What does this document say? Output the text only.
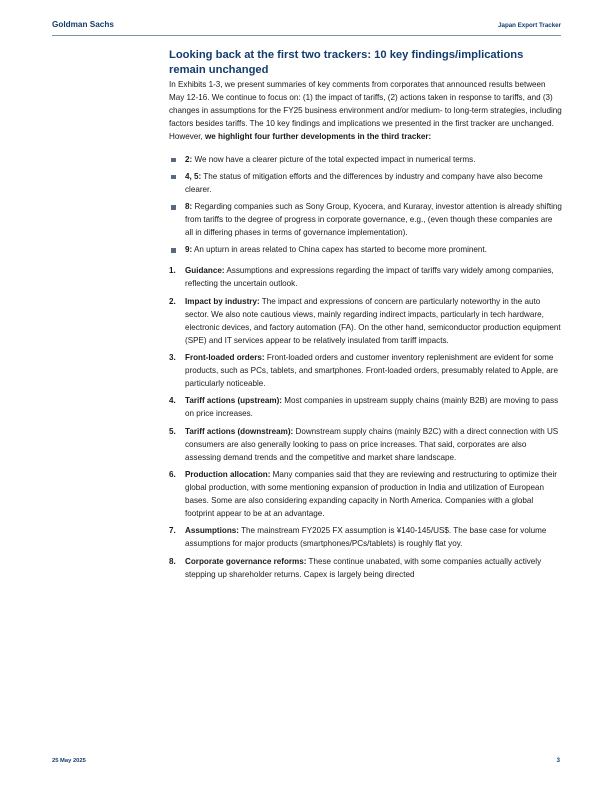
Goldman Sachs	Japan Export Tracker
Looking back at the first two trackers: 10 key findings/implications remain unchanged

In Exhibits 1-3, we present summaries of key comments from corporates that announced results between May 12-16. We continue to focus on: (1) the impact of tariffs, (2) actions taken in response to tariffs, and (3) changes in assumptions for the FY25 business environment and/or medium- to long-term strategies, including factors besides tariffs. The 10 key findings and implications we presented in the first tracker are unchanged. However, we highlight four further developments in the third tracker:

2: We now have a clearer picture of the total expected impact in numerical terms.
4, 5: The status of mitigation efforts and the differences by industry and company have also become clearer.
8: Regarding companies such as Sony Group, Kyocera, and Kuraray, investor attention is already shifting from tariffs to the degree of progress in corporate governance, e.g., (even though these companies are all in differing phases in terms of governance implementation).
9: An upturn in areas related to China capex has started to become more prominent.
1. Guidance: Assumptions and expressions regarding the impact of tariffs vary widely among companies, reflecting the uncertain outlook.
2. Impact by industry: The impact and expressions of concern are particularly noteworthy in the auto sector. We also note cautious views, mainly regarding indirect impacts, particularly in tech hardware, electronic devices, and factory automation (FA). On the other hand, semiconductor production equipment (SPE) and IT services appear to be relatively insulated from tariff impacts.
3. Front-loaded orders: Front-loaded orders and customer inventory replenishment are evident for some products, such as PCs, tablets, and smartphones. Front-loaded orders, presumably related to Apple, are particularly noticeable.
4. Tariff actions (upstream): Most companies in upstream supply chains (mainly B2B) are moving to pass on price increases.
5. Tariff actions (downstream): Downstream supply chains (mainly B2C) with a direct connection with US consumers are also generally looking to pass on price increases. That said, corporates are also assessing demand trends and the competitive and market share landscape.
6. Production allocation: Many companies said that they are reviewing and restructuring to optimize their global production, with some mentioning expansion of production in India and utilization of European bases. Some are also considering expanding capacity in North America. Companies with a global footprint appear to be at an advantage.
7. Assumptions: The mainstream FY2025 FX assumption is ¥140-145/US$. The base case for volume assumptions for major products (smartphones/PCs/tablets) is roughly flat yoy.
8. Corporate governance reforms: These continue unabated, with some companies actually actively stepping up shareholder returns. Capex is largely being directed
25 May 2025	3
